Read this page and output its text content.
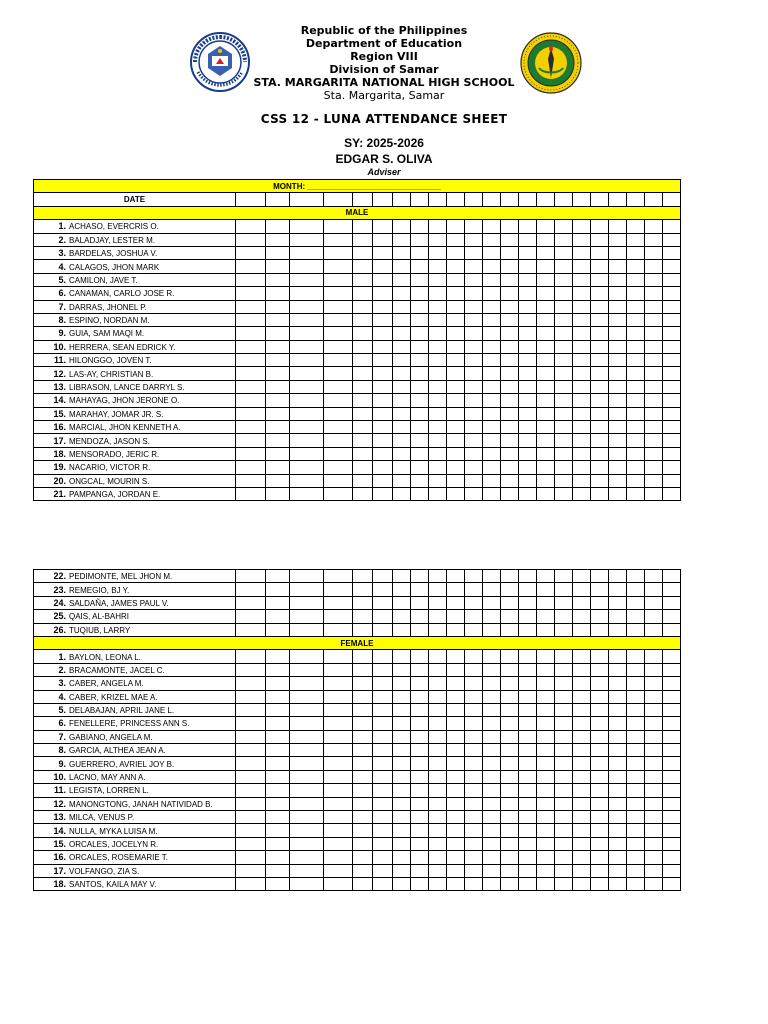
Republic of the Philippines
Department of Education
Region VIII
Division of Samar
STA. MARGARITA NATIONAL HIGH SCHOOL
Sta. Margarita, Samar
CSS 12 - LUNA ATTENDANCE SHEET
SY: 2025-2026
EDGAR S. OLIVA
Adviser
MONTH: ______________________________																						
DATE																						
MALE																						
1. ACHASO, EVERCRIS O.																						
2. BALADJAY, LESTER M.																						
3. BARDELAS, JOSHUA V.																						
4. CALAGOS, JHON MARK																						
5. CAMILON, JAVE T.																						
6. CANAMAN, CARLO JOSE R.																						
7. DARRAS, JHONEL P.																						
8. ESPINO, NORDAN M.																						
9. GUIA, SAM MAQI M.																						
10. HERRERA, SEAN EDRICK Y.																						
11. HILONGGO, JOVEN T.																						
12. LAS-AY, CHRISTIAN B.																						
13. LIBRASON, LANCE DARRYL S.																						
14. MAHAYAG, JHON JERONE O.																						
15. MARAHAY, JOMAR JR. S.																						
16. MARCIAL, JHON KENNETH A.																						
17. MENDOZA, JASON S.																						
18. MENSORADO, JERIC R.																						
19. NACARIO, VICTOR R.																						
20. ONGCAL, MOURIN S.																						
21. PAMPANGA, JORDAN E.																						
22. PEDIMONTE, MEL JHON M.																						
23. REMEGIO, BJ Y.																						
24. SALDAÑA, JAMES PAUL V.																						
25. QAIS, AL-BAHRI																						
26. TUQIUB, LARRY																						
FEMALE																						
1. BAYLON, LEONA L.																						
2. BRACAMONTE, JACEL C.																						
3. CABER, ANGELA M.																						
4. CABER, KRIZEL MAE A.																						
5. DELABAJAN, APRIL JANE L.																						
6. FENELLERE, PRINCESS ANN S.																						
7. GABIANO, ANGELA M.																						
8. GARCIA, ALTHEA JEAN A.																						
9. GUERRERO, AVRIEL JOY B.																						
10. LACNO, MAY ANN A.																						
11. LEGISTA, LORREN L.																						
12. MANONGTONG, JANAH NATIVIDAD B.																						
13. MILCA, VENUS P.																						
14. NULLA, MYKA LUISA M.																						
15. ORCALES, JOCELYN R.																						
16. ORCALES, ROSEMARIE T.																						
17. VOLFANGO, ZIA S.																						
18. SANTOS, KAILA MAY V.																						
